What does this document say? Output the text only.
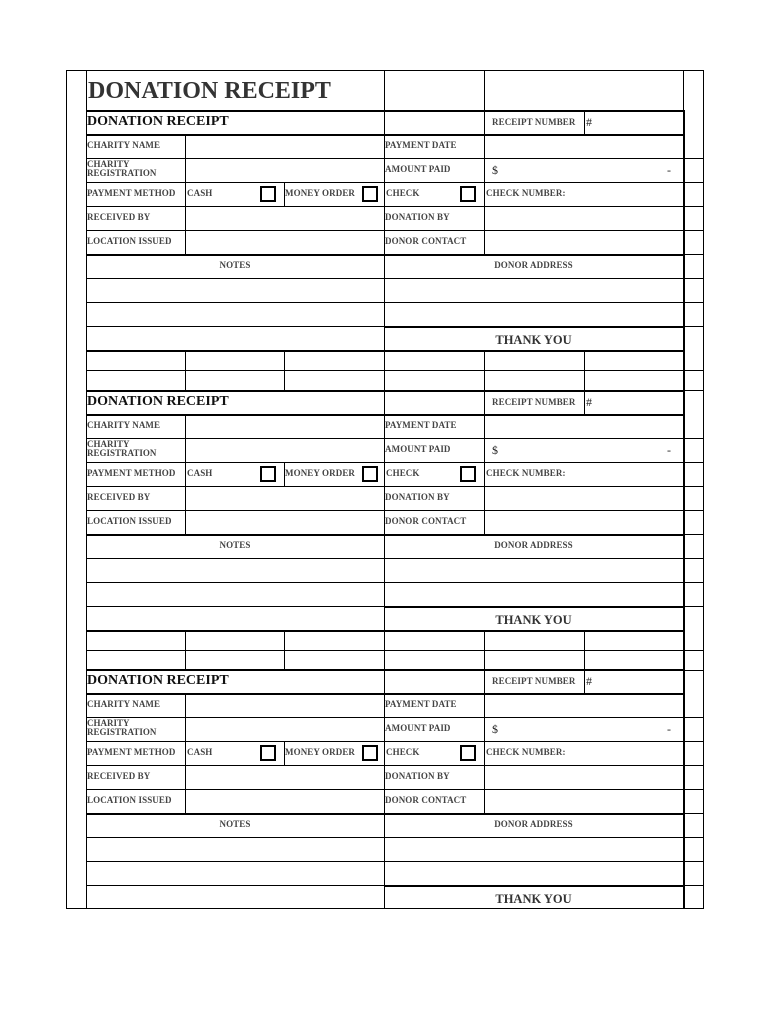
DONATION RECEIPT
DONATION RECEIPT	RECEIPT NUMBER #
CHARITY NAME	PAYMENT DATE
CHARITY
REGISTRATION	AMOUNT PAID	$	-
PAYMENT METHOD CASH	MONEY ORDER	CHECK	CHECK NUMBER:
RECEIVED BY	DONATION BY
LOCATION ISSUED	DONOR CONTACT
NOTES	DONOR ADDRESS
THANK YOU
DONATION RECEIPT	RECEIPT NUMBER #
CHARITY NAME	PAYMENT DATE
CHARITY
REGISTRATION	AMOUNT PAID	$	-
PAYMENT METHOD CASH	MONEY ORDER	CHECK	CHECK NUMBER:
RECEIVED BY	DONATION BY
LOCATION ISSUED	DONOR CONTACT
NOTES	DONOR ADDRESS
THANK YOU
DONATION RECEIPT	RECEIPT NUMBER #
CHARITY NAME	PAYMENT DATE
CHARITY
REGISTRATION	AMOUNT PAID	$	-
PAYMENT METHOD CASH	MONEY ORDER	CHECK	CHECK NUMBER:
RECEIVED BY	DONATION BY
LOCATION ISSUED	DONOR CONTACT
NOTES	DONOR ADDRESS
THANK YOU
